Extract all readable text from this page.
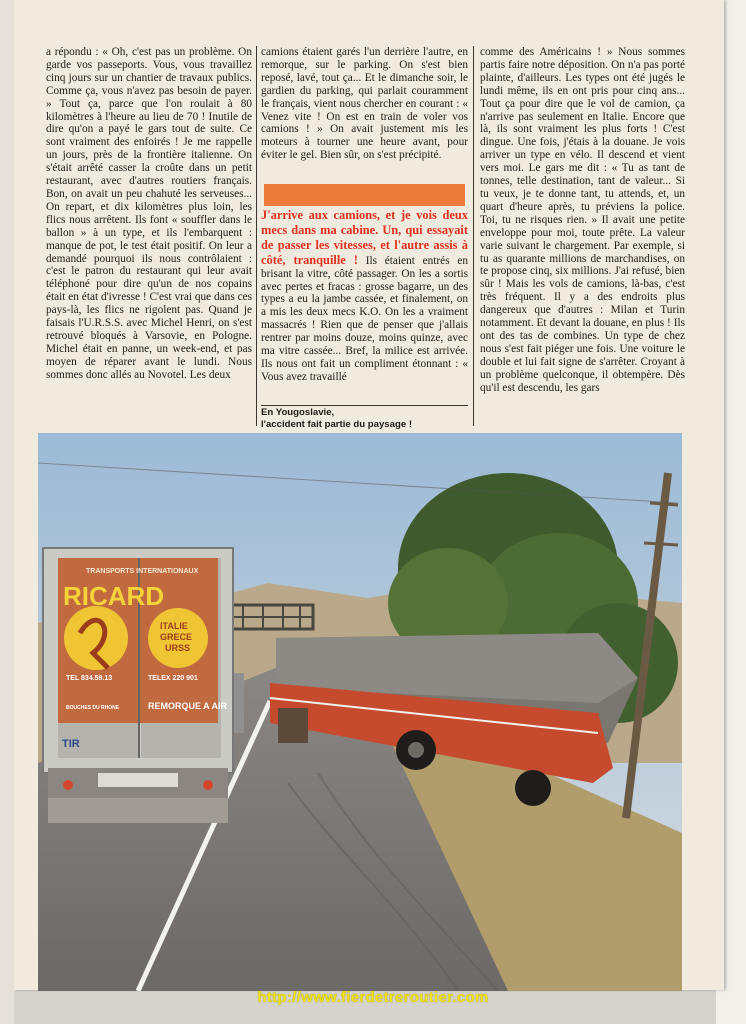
a répondu : « Oh, c'est pas un problème. On garde vos passeports. Vous, vous travaillez cinq jours sur un chantier de travaux publics. Comme ça, vous n'avez pas besoin de payer. » Tout ça, parce que l'on roulait à 80 kilomètres à l'heure au lieu de 70 ! Inutile de dire qu'on a payé le gars tout de suite. Ce sont vraiment des enfoirés ! Je me rappelle un jours, près de la frontière italienne. On s'était arrêté casser la croûte dans un petit restaurant, avec d'autres routiers français. Bon, on avait un peu chahuté les serveuses... On repart, et dix kilomètres plus loin, les flics nous arrêtent. Ils font « souffler dans le ballon » à un type, et ils l'embarquent : manque de pot, le test était positif. On leur a demandé pourquoi ils nous contrôlaient : c'est le patron du restaurant qui leur avait téléphoné pour dire qu'un de nos copains était en état d'ivresse ! C'est vrai que dans ces pays-là, les flics ne rigolent pas. Quand je faisais l'U.R.S.S. avec Michel Henri, on s'est retrouvé bloqués à Varsovie, en Pologne. Michel était en panne, un week-end, et pas moyen de réparer avant le lundi. Nous sommes donc allés au Novotel. Les deux

camions étaient garés l'un derrière l'autre, en remorque, sur le parking. On s'est bien reposé, lavé, tout ça... Et le dimanche soir, le gardien du parking, qui parlait couramment le français, vient nous chercher en courant : « Venez vite ! On est en train de voler vos camions ! » On avait justement mis les moteurs à tourner une heure avant, pour éviter le gel. Bien sûr, on s'est précipité.

J'arrive aux camions, et je vois deux mecs dans ma cabine. Un, qui essayait de passer les vitesses, et l'autre assis à côté, tranquille ! Ils étaient entrés en brisant la vitre, côté passager. On les a sortis avec pertes et fracas : grosse bagarre, un des types a eu la jambe cassée, et finalement, on a mis les deux mecs K.O. On les a vraiment massacrés ! Rien que de penser que j'allais rentrer par moins douze, moins quinze, avec ma vitre cassée... Bref, la milice est arrivée. Ils nous ont fait un compliment étonnant : « Vous avez travaillé

En Yougoslavie,
l'accident fait partie du paysage !

comme des Américains ! » Nous sommes partis faire notre déposition. On n'a pas porté plainte, d'ailleurs. Les types ont été jugés le lundi même, ils en ont pris pour cinq ans... Tout ça pour dire que le vol de camion, ça n'arrive pas seulement en Italie. Encore que là, ils sont vraiment les plus forts ! C'est dingue. Une fois, j'étais à la douane. Je vois arriver un type en vélo. Il descend et vient vers moi. Le gars me dit : « Tu as tant de tonnes, telle destination, tant de valeur... Si tu veux, je te donne tant, tu attends, et, un quart d'heure après, tu préviens la police. Toi, tu ne risques rien. » Il avait une petite enveloppe pour moi, toute prête. La valeur varie suivant le chargement. Par exemple, si tu as quarante millions de marchandises, on te propose cinq, six millions. J'ai refusé, bien sûr ! Mais les vols de camions, là-bas, c'est très fréquent. Il y a des endroits plus dangereux que d'autres : Milan et Turin notamment. Et devant la douane, en plus ! Ils ont des tas de combines. Un type de chez nous s'est fait piéger une fois. Une voiture le double et lui fait signe de s'arrêter. Croyant à un problème quelconque, il obtempère. Dès qu'il est descendu, les gars

TRANSPORTS INTERNATIONAUX
RICARD
ITALIE
GRECE
URSS
TEL 834.59.13	TELEX 220 901
BOUCHES DU RHONE	REMORQUE A AIR
TIR
http://www.fierdetreroutier.com
